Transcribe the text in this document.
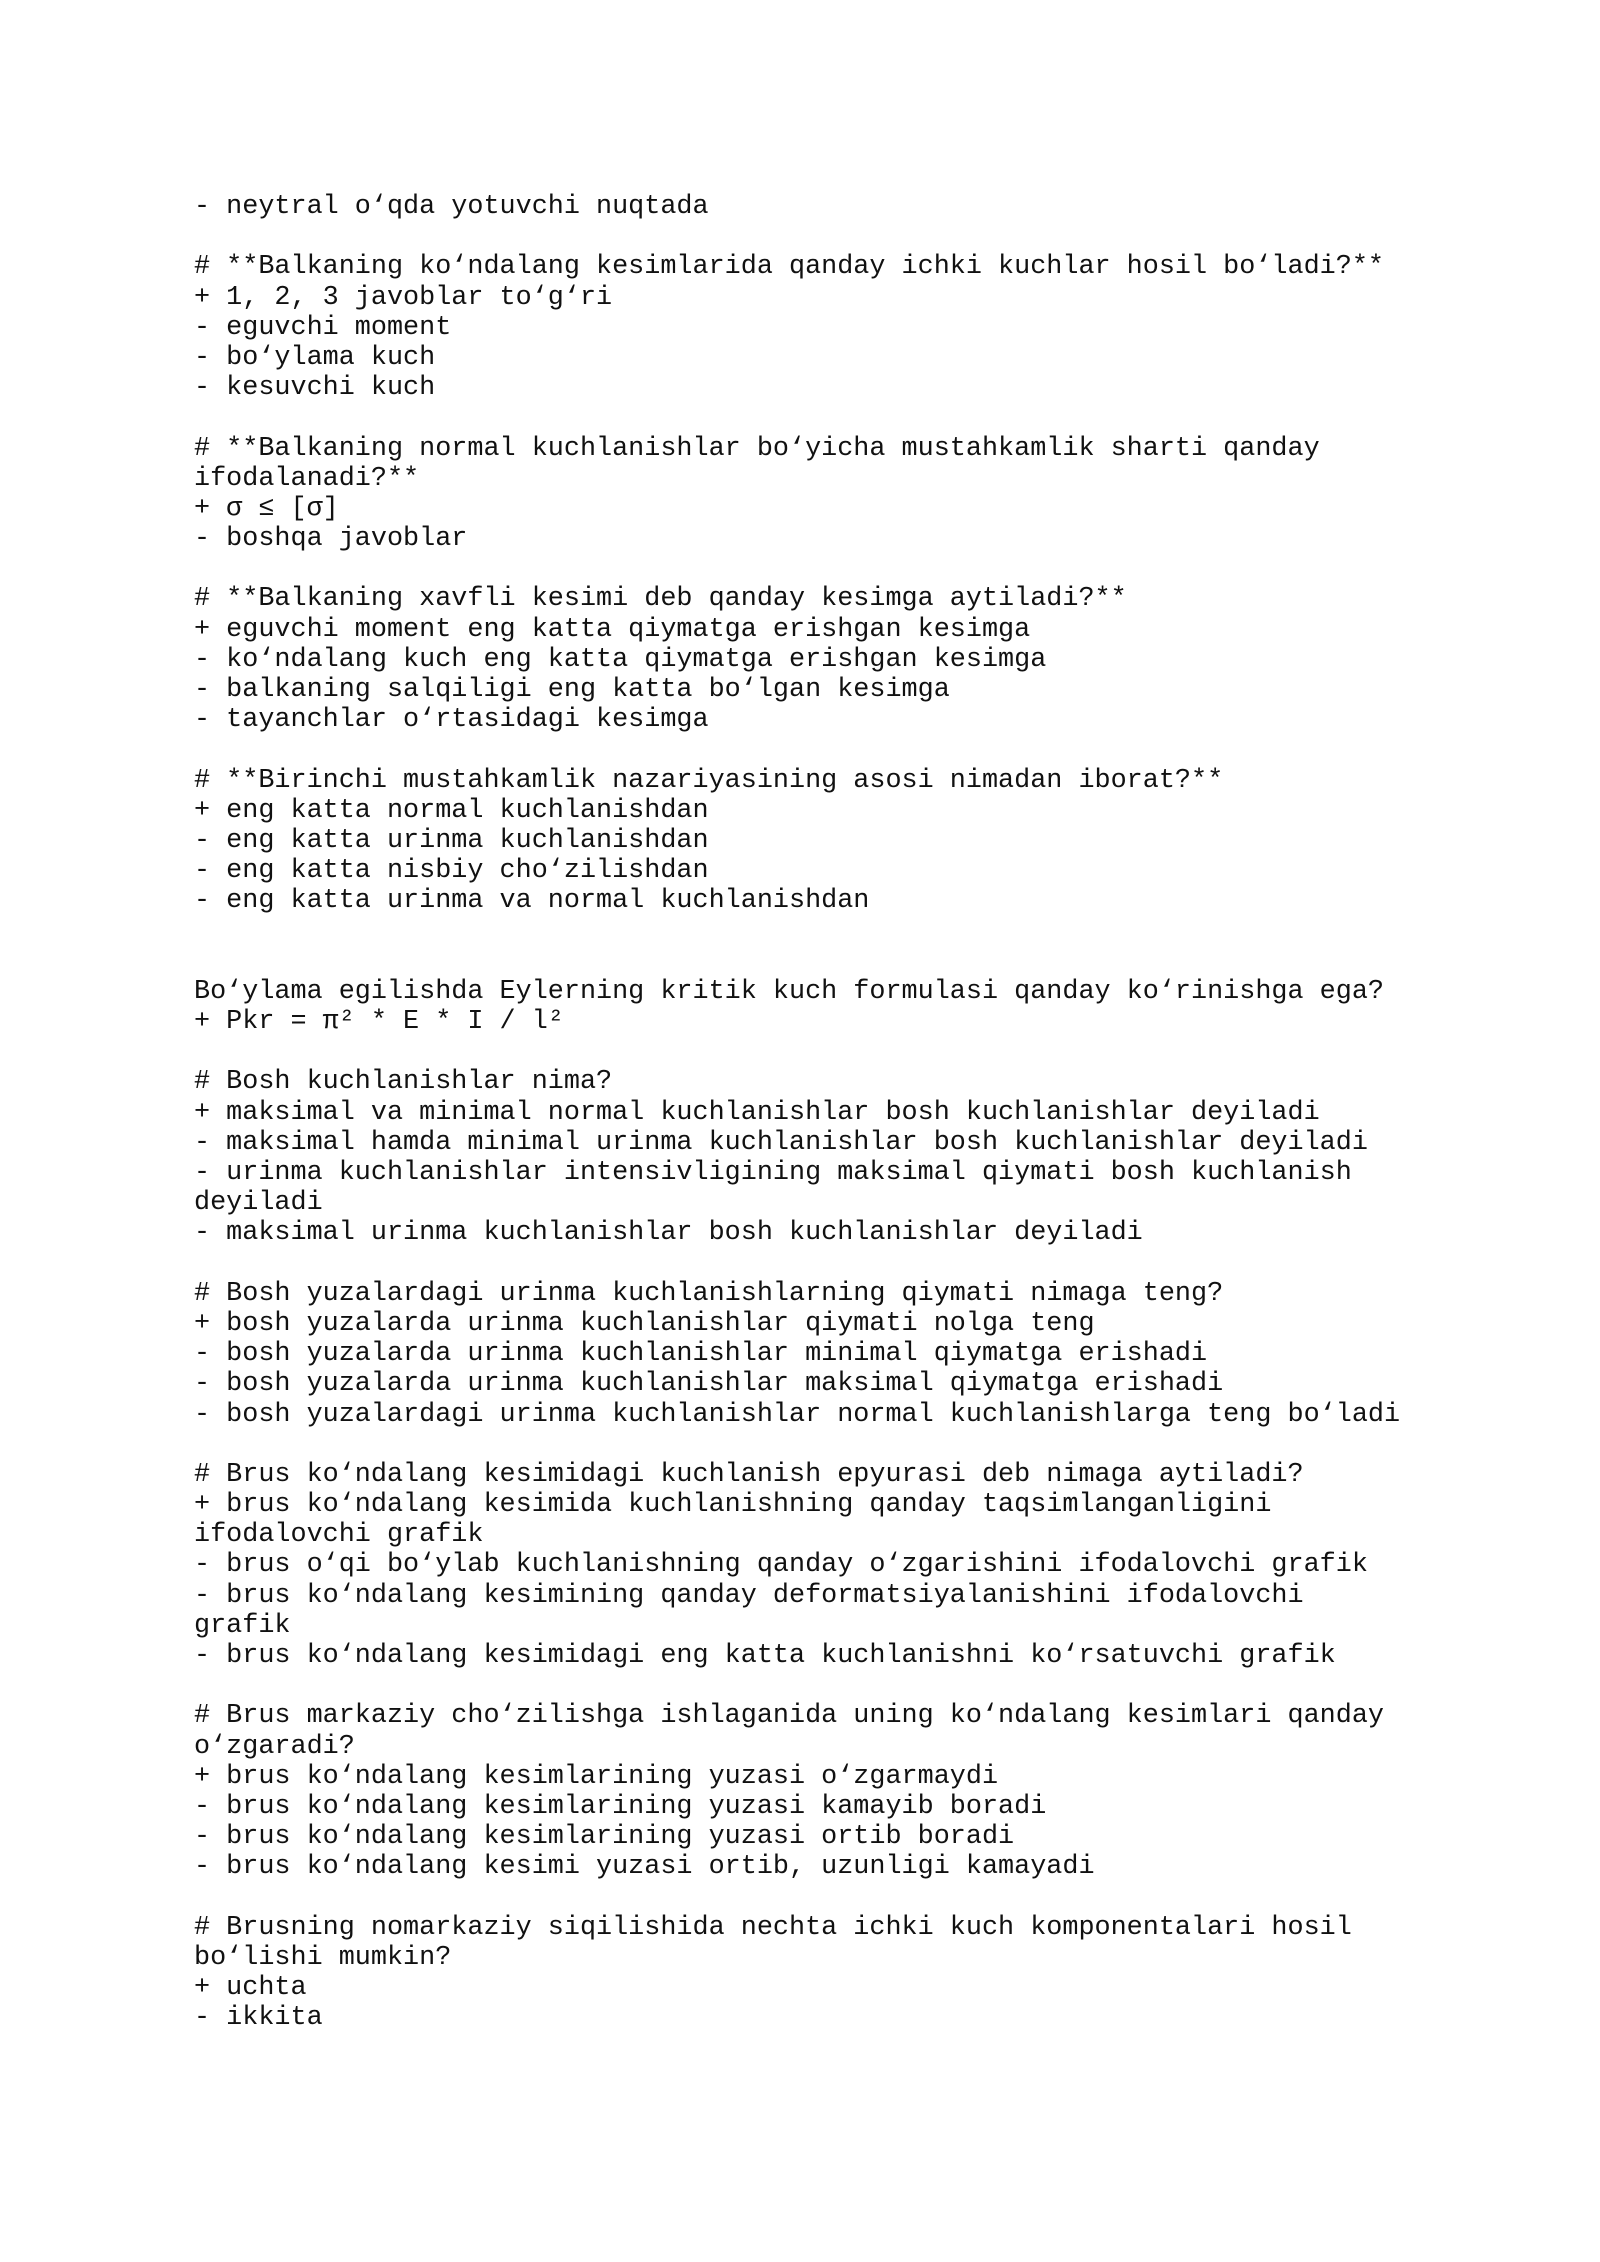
- neytral o‘qda yotuvchi nuqtada
# **Balkaning ko‘ndalang kesimlarida qanday ichki kuchlar hosil bo‘ladi?**
+ 1, 2, 3 javoblar to‘g‘ri
- eguvchi moment
- bo‘ylama kuch
- kesuvchi kuch
# **Balkaning normal kuchlanishlar bo‘yicha mustahkamlik sharti qanday
ifodalanadi?**
+ σ ≤ [σ]
- boshqa javoblar
# **Balkaning xavfli kesimi deb qanday kesimga aytiladi?**
+ eguvchi moment eng katta qiymatga erishgan kesimga
- ko‘ndalang kuch eng katta qiymatga erishgan kesimga
- balkaning salqiligi eng katta bo‘lgan kesimga
- tayanchlar o‘rtasidagi kesimga
# **Birinchi mustahkamlik nazariyasining asosi nimadan iborat?**
+ eng katta normal kuchlanishdan
- eng katta urinma kuchlanishdan
- eng katta nisbiy cho‘zilishdan
- eng katta urinma va normal kuchlanishdan
Bo‘ylama egilishda Eylerning kritik kuch formulasi qanday ko‘rinishga ega?
+ Pkr = π² * E * I / l²
# Bosh kuchlanishlar nima?
+ maksimal va minimal normal kuchlanishlar bosh kuchlanishlar deyiladi
- maksimal hamda minimal urinma kuchlanishlar bosh kuchlanishlar deyiladi
- urinma kuchlanishlar intensivligining maksimal qiymati bosh kuchlanish
deyiladi
- maksimal urinma kuchlanishlar bosh kuchlanishlar deyiladi
# Bosh yuzalardagi urinma kuchlanishlarning qiymati nimaga teng?
+ bosh yuzalarda urinma kuchlanishlar qiymati nolga teng
- bosh yuzalarda urinma kuchlanishlar minimal qiymatga erishadi
- bosh yuzalarda urinma kuchlanishlar maksimal qiymatga erishadi
- bosh yuzalardagi urinma kuchlanishlar normal kuchlanishlarga teng bo‘ladi
# Brus ko‘ndalang kesimidagi kuchlanish epyurasi deb nimaga aytiladi?
+ brus ko‘ndalang kesimida kuchlanishning qanday taqsimlanganligini
ifodalovchi grafik
- brus o‘qi bo‘ylab kuchlanishning qanday o‘zgarishini ifodalovchi grafik
- brus ko‘ndalang kesimining qanday deformatsiyalanishini ifodalovchi
grafik
- brus ko‘ndalang kesimidagi eng katta kuchlanishni ko‘rsatuvchi grafik
# Brus markaziy cho‘zilishga ishlaganida uning ko‘ndalang kesimlari qanday
o‘zgaradi?
+ brus ko‘ndalang kesimlarining yuzasi o‘zgarmaydi
- brus ko‘ndalang kesimlarining yuzasi kamayib boradi
- brus ko‘ndalang kesimlarining yuzasi ortib boradi
- brus ko‘ndalang kesimi yuzasi ortib, uzunligi kamayadi
# Brusning nomarkaziy siqilishida nechta ichki kuch komponentalari hosil
bo‘lishi mumkin?
+ uchta
- ikkita
